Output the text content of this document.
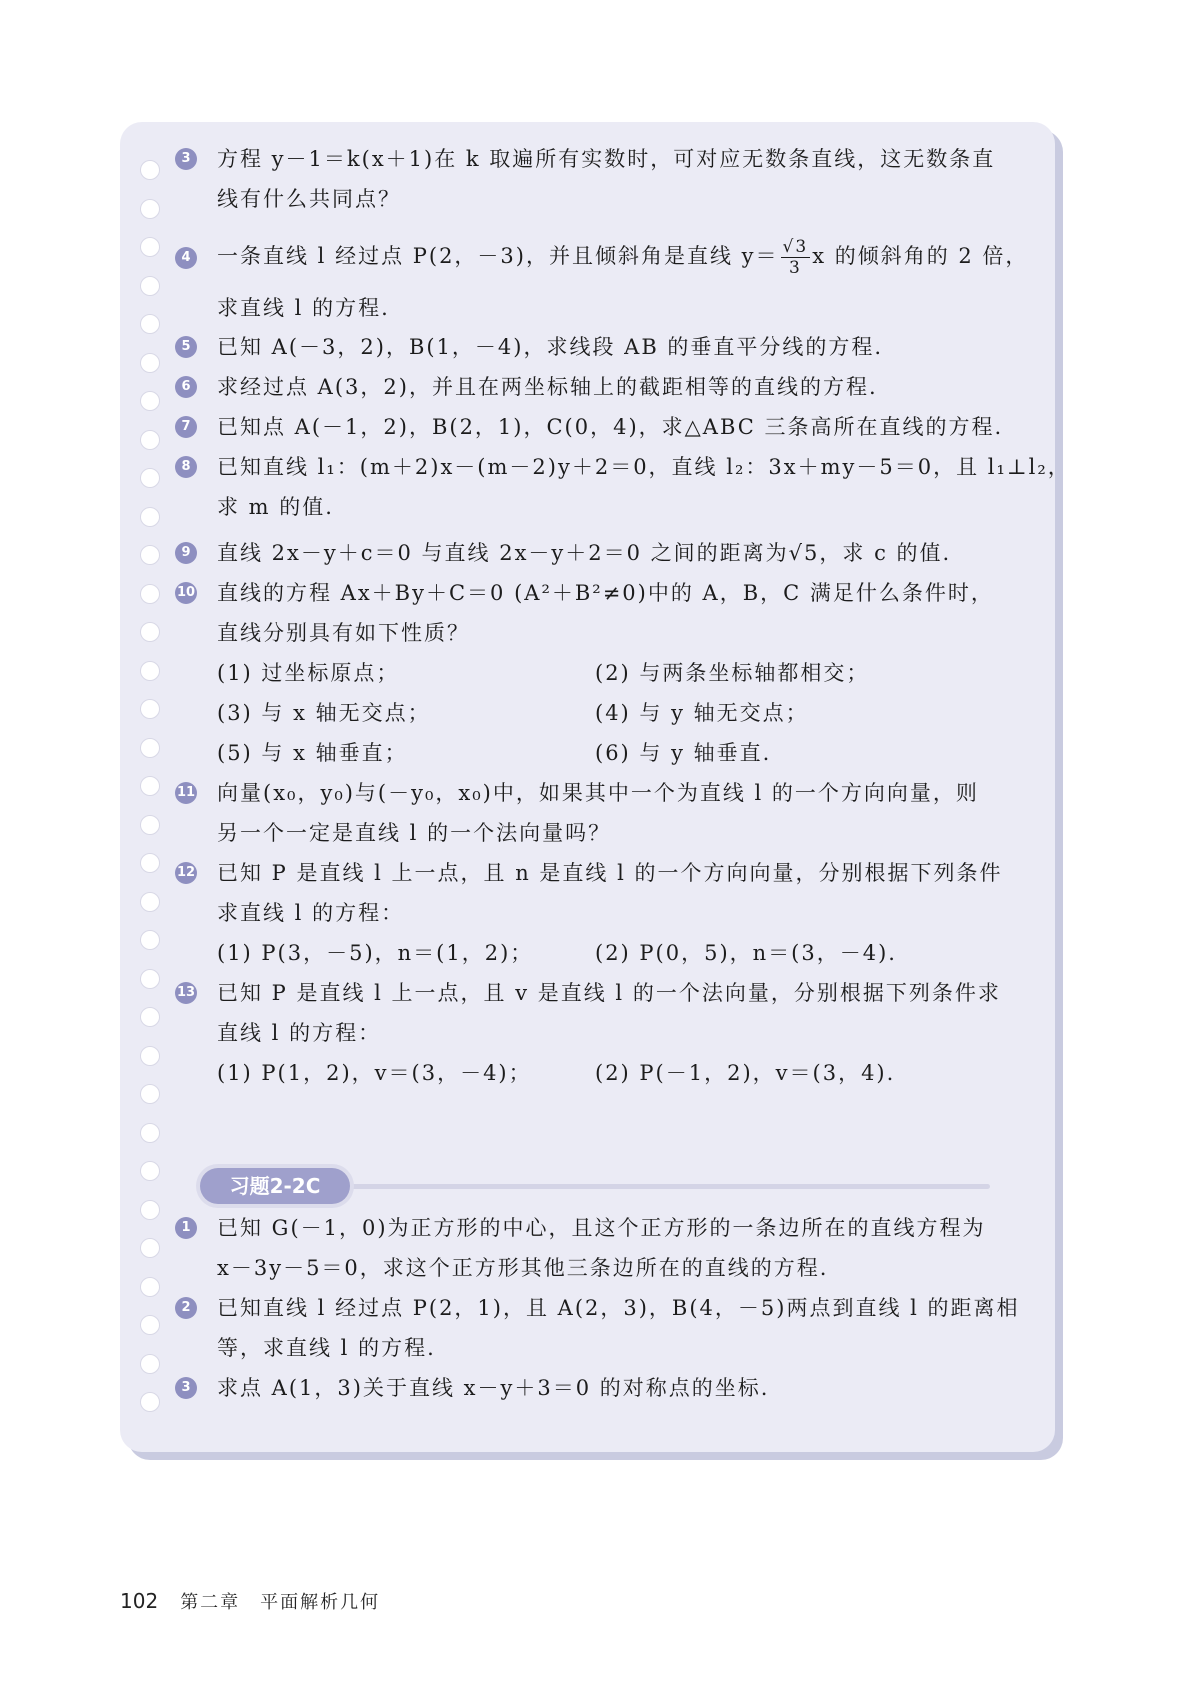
3	方程 y－1＝k(x＋1)在 k 取遍所有实数时，可对应无数条直线，这无数条直
线有什么共同点？
4	一条直线 l 经过点 P(2，－3)，并且倾斜角是直线 $y= \frac{√3}{3}$ x 的倾斜角的 2 倍，
求直线 l 的方程.
5	已知 A(－3，2)，B(1，－4)，求线段 AB 的垂直平分线的方程.
6	求经过点 A(3，2)，并且在两坐标轴上的截距相等的直线的方程.
7	已知点 A(－1，2)，B(2，1)，C(0，4)，求△ABC 三条高所在直线的方程.
8	已知直线 l₁：(m＋2)x－(m－2)y＋2＝0，直线 l₂：3x＋my－5＝0，且 l₁⊥l₂，
求 m 的值.
9	直线 2x－y＋c＝0 与直线 2x－y＋2＝0 之间的距离为√5，求 c 的值.
10 直线的方程 Ax＋By＋C＝0 (A²＋B²≠0)中的 A，B，C 满足什么条件时，
直线分别具有如下性质？
(1) 过坐标原点；	(2) 与两条坐标轴都相交；
(3) 与 x 轴无交点；	(4) 与 y 轴无交点；
(5) 与 x 轴垂直；	(6) 与 y 轴垂直.
11 向量(x₀，y₀)与(－y₀，x₀)中，如果其中一个为直线 l 的一个方向向量，则
另一个一定是直线 l 的一个法向量吗？
12 已知 P 是直线 l 上一点，且 n 是直线 l 的一个方向向量，分别根据下列条件
求直线 l 的方程：
(1) P(3，－5)，n＝(1，2)；	(2) P(0，5)，n＝(3，－4).
13 已知 P 是直线 l 上一点，且 v 是直线 l 的一个法向量，分别根据下列条件求
直线 l 的方程：
(1) P(1，2)，v＝(3，－4)；	(2) P(－1，2)，v＝(3，4).
习题2-2C
1	已知 G(－1，0)为正方形的中心，且这个正方形的一条边所在的直线方程为
x－3y－5＝0，求这个正方形其他三条边所在的直线的方程.
2	已知直线 l 经过点 P(2，1)，且 A(2，3)，B(4，－5)两点到直线 l 的距离相
等，求直线 l 的方程.
3	求点 A(1，3)关于直线 x－y＋3＝0 的对称点的坐标.
102 第二章　平面解析几何
